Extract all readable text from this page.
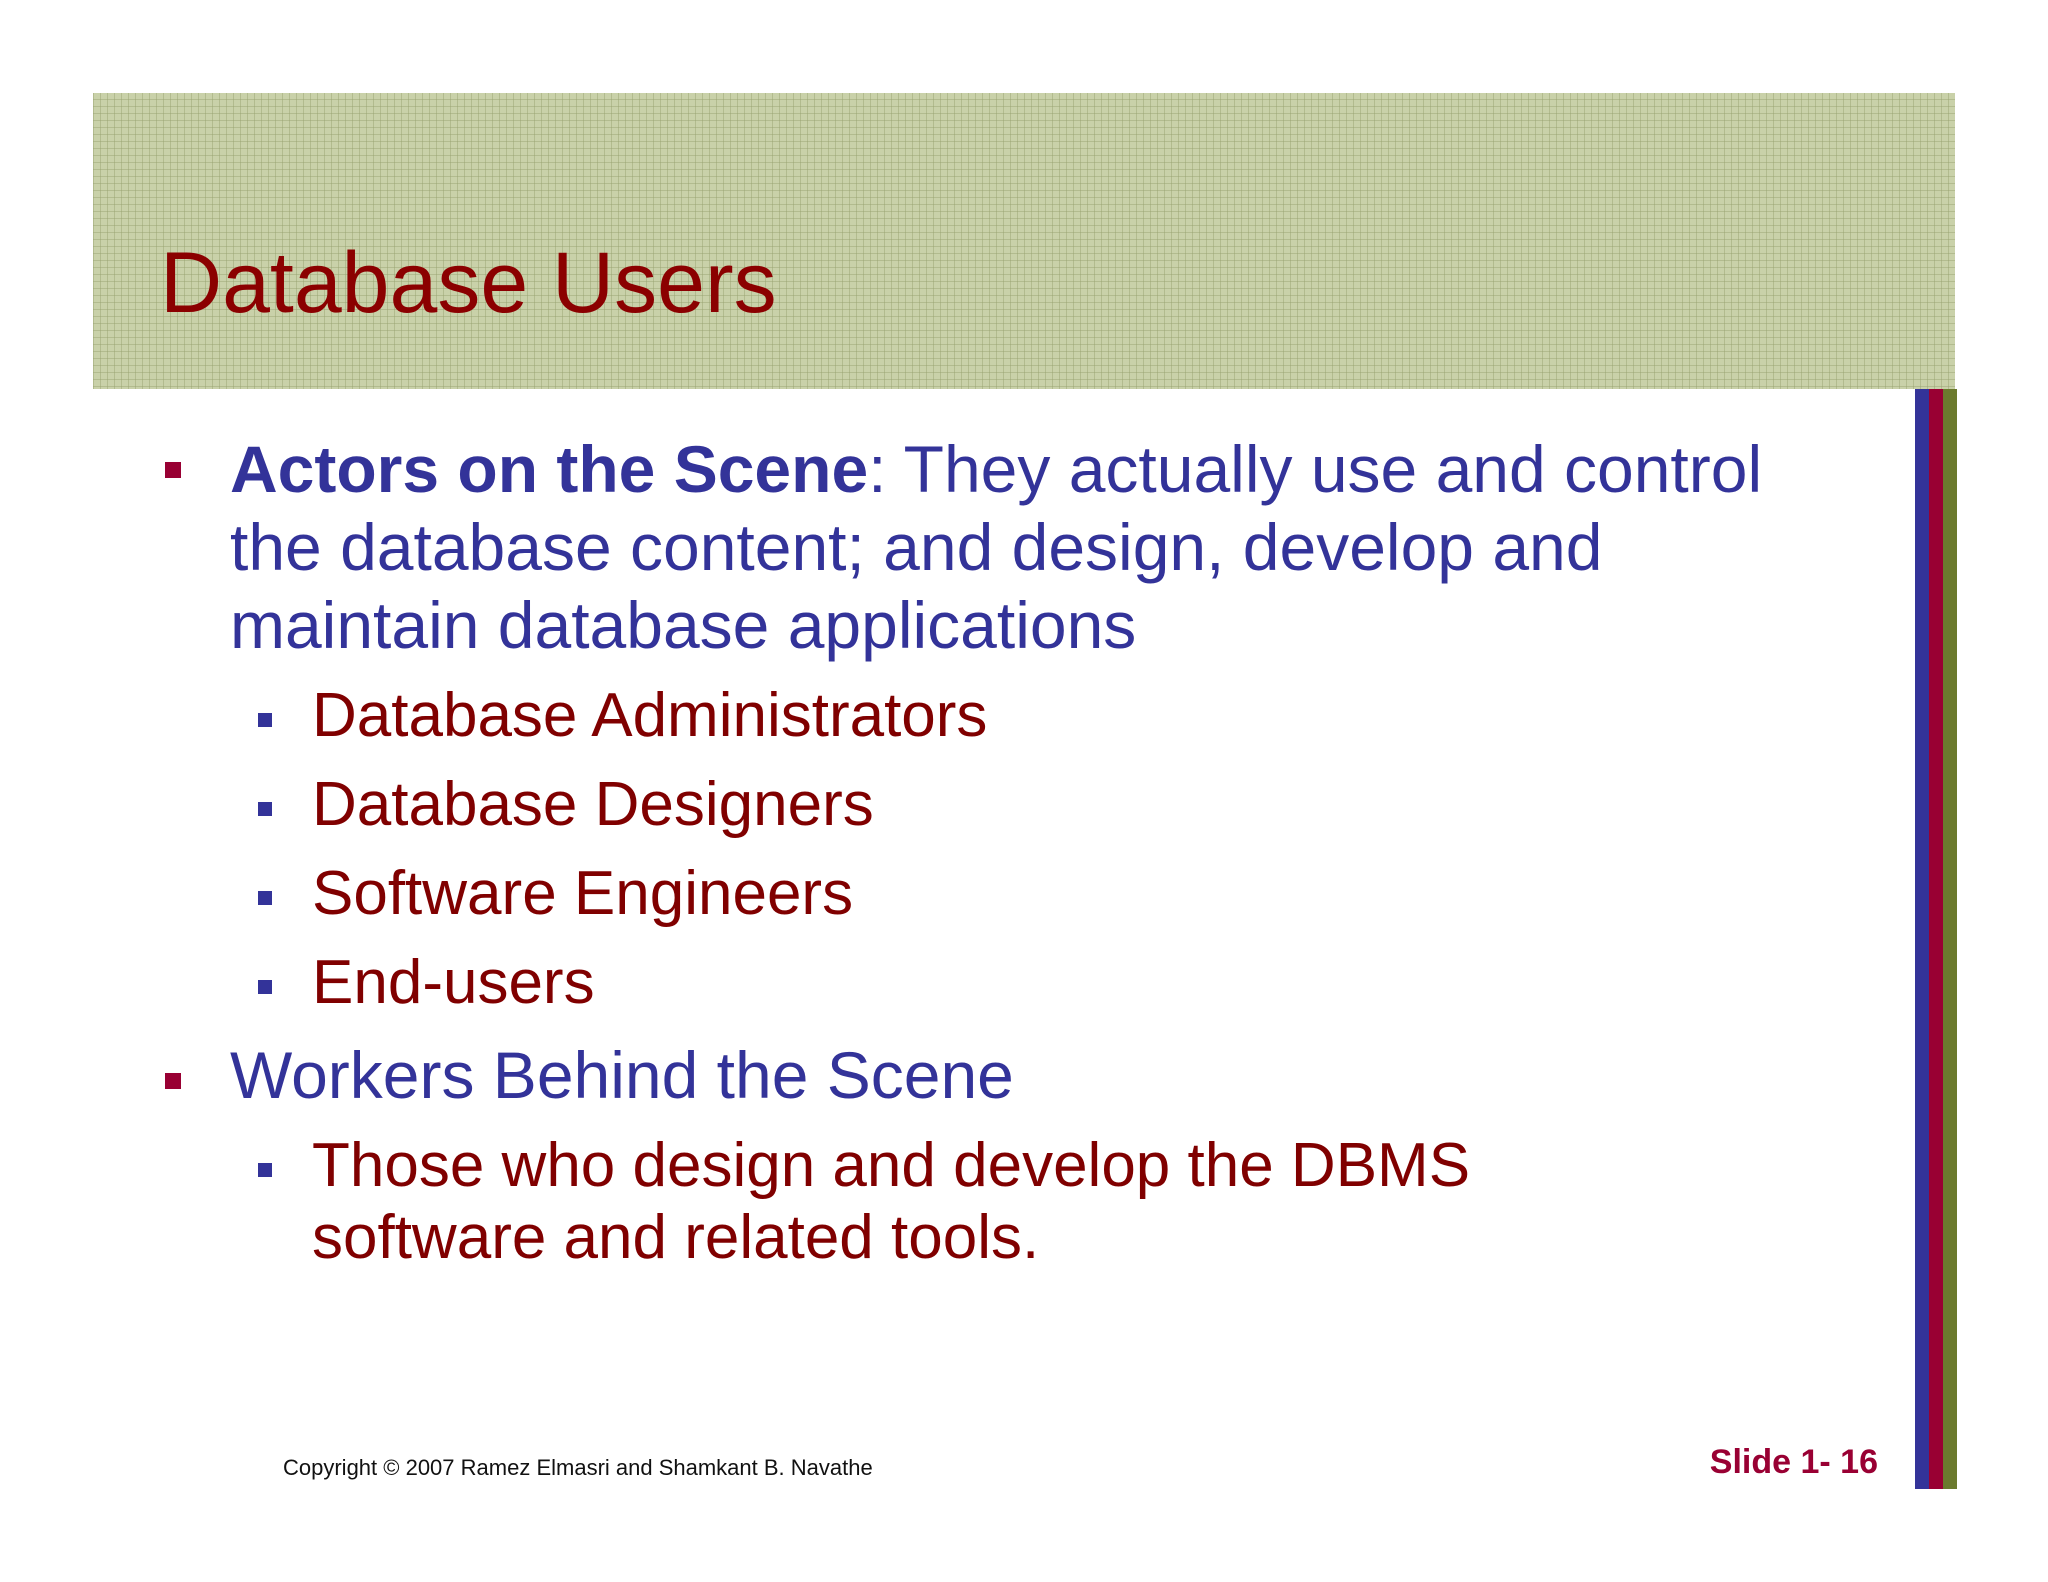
Database Users
Actors on the Scene: They actually use and control the database content; and design, develop and maintain database applications
Database Administrators
Database Designers
Software Engineers
End-users
Workers Behind the Scene
Those who design and develop the DBMS
software and related tools.
Copyright © 2007 Ramez Elmasri and Shamkant B. Navathe	Slide 1- 16
